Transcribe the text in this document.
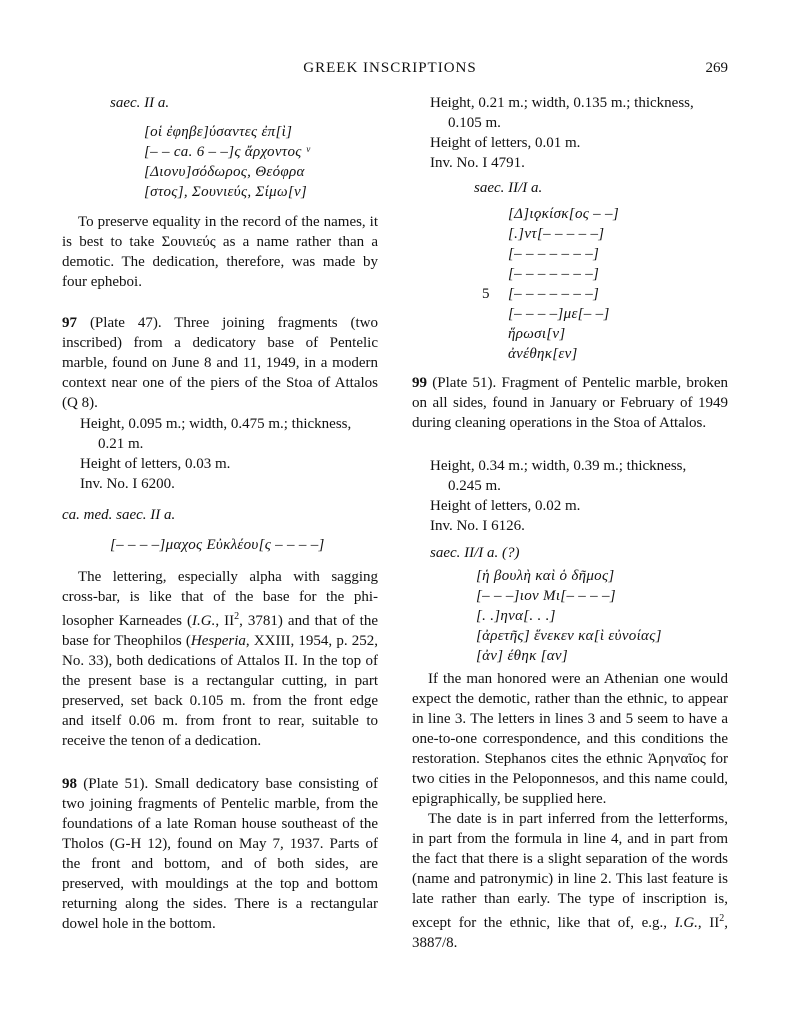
GREEK INSCRIPTIONS	269

saec. II a.

[οἱ ἐφηβε]ύσαντες ἐπ[ὶ]
[– – ca. 6 – –]ς ἄρχοντος ᵛ
[Διονυ]σόδωρος, Θεόφρα
[στος], Σουνιεύς, Σίμω[ν]

To preserve equality in the record of the names, it is best to take Σουνιεύς as a name rather than a demotic. The dedication, therefore, was made by four epheboi.

97 (Plate 47). Three joining fragments (two inscribed) from a dedicatory base of Pentelic marble, found on June 8 and 11, 1949, in a modern context near one of the piers of the Stoa of Attalos (Q 8).

Height, 0.095 m.; width, 0.475 m.; thickness,

0.21 m.

Height of letters, 0.03 m.

Inv. No. I 6200.

ca. med. saec. II a.

[– – – –]μαχος Εὐκλέου[ς – – – –]

The lettering, especially alpha with sagging cross-bar, is like that of the base for the phi- losopher Karneades (I.G., $II^2$, 3781) and that of the base for Theophilos (Hesperia, XXIII, 1954, p. 252, No. 33), both dedications of Attalos II. In the top of the present base is a rectangular cutting, in part preserved, set back 0.105 m. from the front edge and itself 0.06 m. from front to rear, suitable to receive the tenon of a dedication.

98 (Plate 51). Small dedicatory base consisting of two joining fragments of Pentelic marble, from the foundations of a late Roman house southeast of the Tholos (G-H 12), found on May 7, 1937. Parts of the front and bottom, and of both sides, are preserved, with mouldings at the top and bottom returning along the sides. There is a rectangular dowel hole in the bottom.

Height, 0.21 m.; width, 0.135 m.; thickness,

0.105 m.

Height of letters, 0.01 m.

Inv. No. I 4791.

saec. II/I a.

[Δ]ιϙκίσκ[ος – –]
[.]ντ[– – – – –]
[– – – – – – –]
[– – – – – – –]
[– – – – – – –]
[– – – –]με[– –]
ἥρωσι[ν]
ἀνέθηκ[εν]
5

99 (Plate 51). Fragment of Pentelic marble, broken on all sides, found in January or February of 1949 during cleaning operations in the Stoa of Attalos.

Height, 0.34 m.; width, 0.39 m.; thickness,

0.245 m.

Height of letters, 0.02 m.

Inv. No. I 6126.

saec. II/I a. (?)

[ἡ βουλὴ καὶ ὁ δῆμος]
[– – –]ιον Μι[– – – –]
[. .]ηνα[. . .]
[ἀρετῆς] ἕνεκεν κα[ὶ εὐνοίας]
[ἀν] έθηκ [αν]

If the man honored were an Athenian one would expect the demotic, rather than the ethnic, to appear in line 3. The letters in lines 3 and 5 seem to have a one-to-one correspondence, and this conditions the restoration. Stephanos cites the ethnic Ἀρηναῖος for two cities in the Peloponnesos, and this name could, epigraphically, be supplied here.

The date is in part inferred from the letterforms, in part from the formula in line 4, and in part from the fact that there is a slight separation of the words (name and patronymic) in line 2. This last feature is late rather than early. The type of inscription is, except for the ethnic, like that of, e.g., I.G., $II^2$, 3887/8.
